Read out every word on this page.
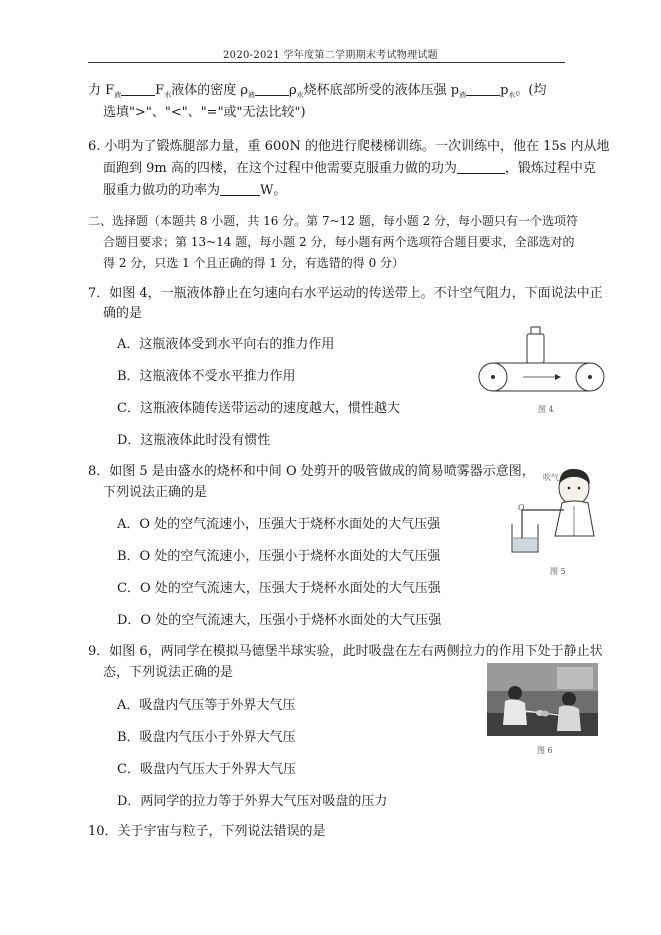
2020-2021 学年度第二学期期末考试物理试题
力 $F_液$	$F_水$液体的密度 $\rho_液$	$\rho_水$烧杯底部所受的液体压强 $p_液$	$p_水$。(均
选填">"、"<"、"="或"无法比较")
6. 小明为了锻炼腿部力量，重 600N 的他进行爬楼梯训练。一次训练中，他在 15s 内从地
面跑到 9m 高的四楼，在这个过程中他需要克服重力做的功为	，锻炼过程中克
服重力做功的功率为	W。
二、选择题（本题共 8 小题，共 16 分。第 7~12 题，每小题 2 分，每小题只有一个选项符
合题目要求；第 13~14 题，每小题 2 分，每小题有两个选项符合题目要求，全部选对的
得 2 分，只选 1 个且正确的得 1 分，有选错的得 0 分）
7．如图 4，一瓶液体静止在匀速向右水平运动的传送带上。不计空气阻力，下面说法中正
确的是
A．这瓶液体受到水平向右的推力作用
B．这瓶液体不受水平推力作用
C．这瓶液体随传送带运动的速度越大，惯性越大
D．这瓶液体此时没有惯性
图 4
8．如图 5 是由盛水的烧杯和中间 O 处剪开的吸管做成的简易喷雾器示意图，
下列说法正确的是
A．O 处的空气流速小，压强大于烧杯水面处的大气压强
B．O 处的空气流速小，压强小于烧杯水面处的大气压强
C．O 处的空气流速大，压强大于烧杯水面处的大气压强
D．O 处的空气流速大，压强小于烧杯水面处的大气压强
吹气
O
图 5
9．如图 6，两同学在模拟马德堡半球实验，此时吸盘在左右两侧拉力的作用下处于静止状
态，下列说法正确的是
A．吸盘内气压等于外界大气压
B．吸盘内气压小于外界大气压
C．吸盘内气压大于外界大气压
D．两同学的拉力等于外界大气压对吸盘的压力
图 6
10．关于宇宙与粒子，下列说法错误的是
